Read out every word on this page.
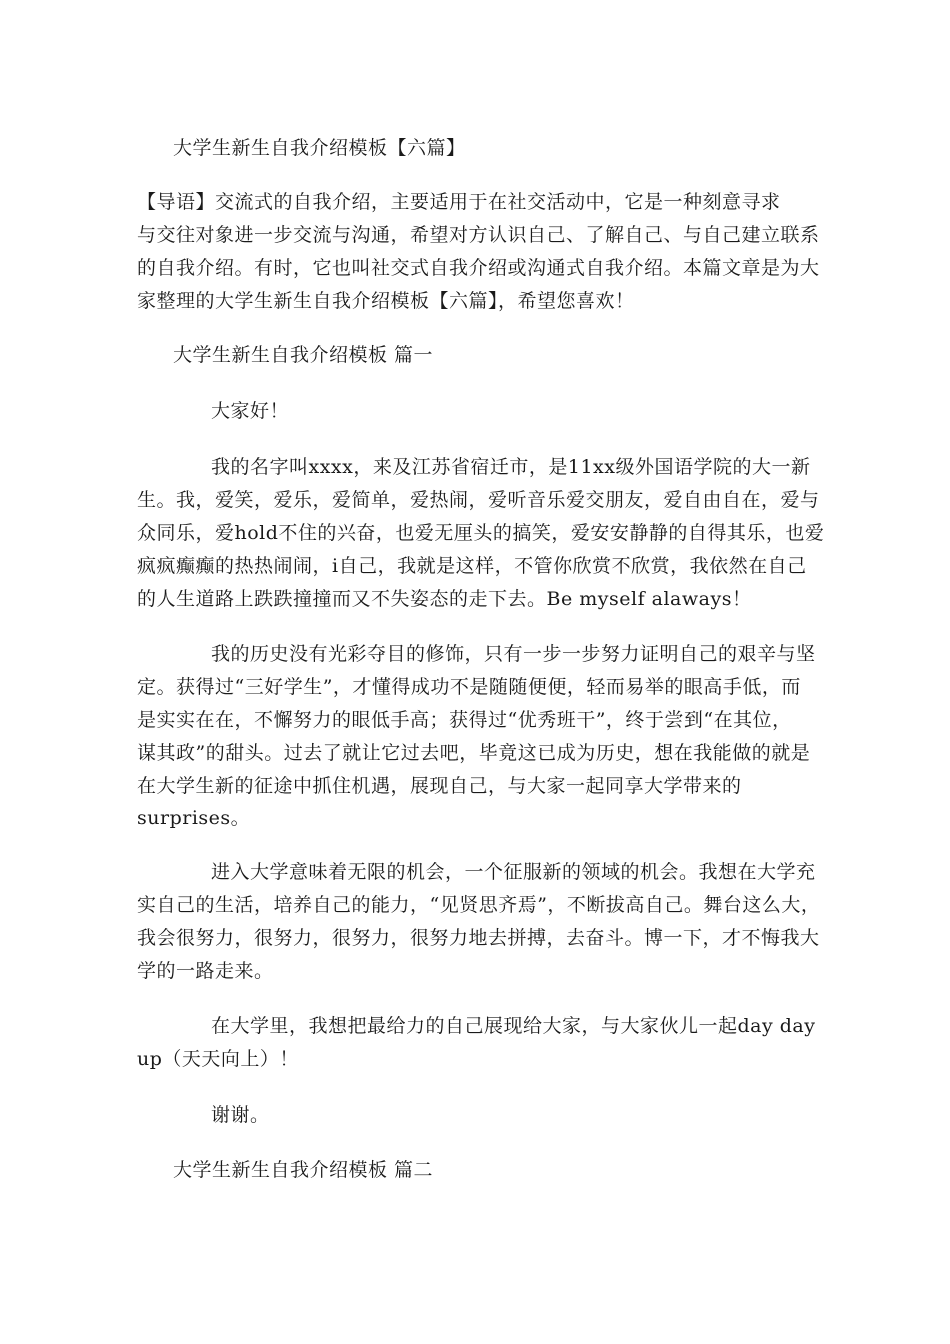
大学生新生自我介绍模板【六篇】
【导语】交流式的自我介绍，主要适用于在社交活动中，它是一种刻意寻求
与交往对象进一步交流与沟通，希望对方认识自己、了解自己、与自己建立联系
的自我介绍。有时，它也叫社交式自我介绍或沟通式自我介绍。本篇文章是为大
家整理的大学生新生自我介绍模板【六篇】，希望您喜欢！
大学生新生自我介绍模板 篇一
大家好！
我的名字叫xxxx，来及江苏省宿迁市，是11xx级外国语学院的大一新
生。我，爱笑，爱乐，爱简单，爱热闹，爱听音乐爱交朋友，爱自由自在，爱与
众同乐，爱hold不住的兴奋，也爱无厘头的搞笑，爱安安静静的自得其乐，也爱
疯疯癫癫的热热闹闹，i自己，我就是这样，不管你欣赏不欣赏，我依然在自己
的人生道路上跌跌撞撞而又不失姿态的走下去。Be myself alaways！
我的历史没有光彩夺目的修饰，只有一步一步努力证明自己的艰辛与坚
定。获得过“三好学生”，才懂得成功不是随随便便，轻而易举的眼高手低，而
是实实在在，不懈努力的眼低手高；获得过“优秀班干”，终于尝到“在其位，
谋其政”的甜头。过去了就让它过去吧，毕竟这已成为历史，想在我能做的就是
在大学生新的征途中抓住机遇，展现自己，与大家一起同享大学带来的
surprises。
进入大学意味着无限的机会，一个征服新的领域的机会。我想在大学充
实自己的生活，培养自己的能力，“见贤思齐焉”，不断拔高自己。舞台这么大，
我会很努力，很努力，很努力，很努力地去拼搏，去奋斗。博一下，才不悔我大
学的一路走来。
在大学里，我想把最给力的自己展现给大家，与大家伙儿一起day day
up（天天向上）！
谢谢。
大学生新生自我介绍模板 篇二
